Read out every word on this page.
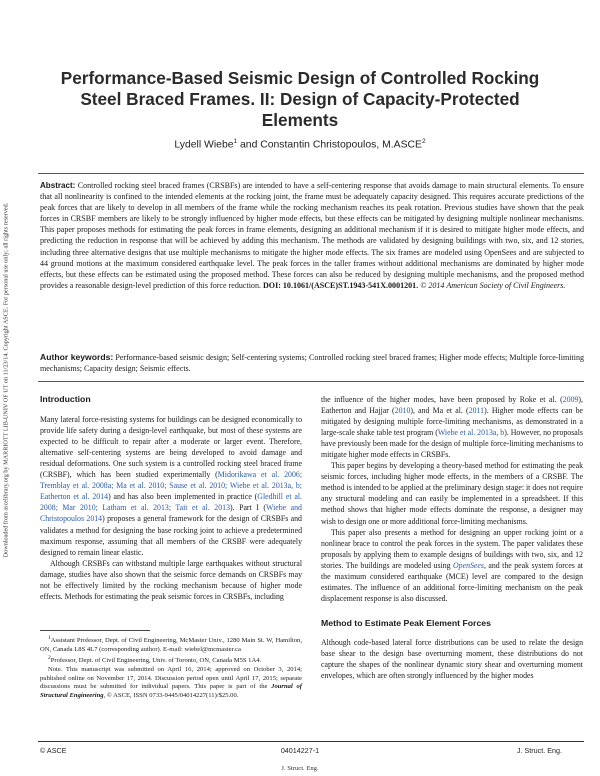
Downloaded from ascelibrary.org by MARRIOTT LIB-UNIV OF UT on 11/23/14. Copyright ASCE. For personal use only; all rights reserved.
Performance-Based Seismic Design of Controlled Rocking Steel Braced Frames. II: Design of Capacity-Protected Elements
Lydell Wiebe$^1$ and Constantin Christopoulos, M.ASCE$^2$
Abstract: Controlled rocking steel braced frames (CRSBFs) are intended to have a self-centering response that avoids damage to main structural elements. To ensure that all nonlinearity is confined to the intended elements at the rocking joint, the frame must be adequately capacity designed. This requires accurate predictions of the peak forces that are likely to develop in all members of the frame while the rocking mechanism reaches its peak rotation. Previous studies have shown that the peak forces in CRSBF members are likely to be strongly influenced by higher mode effects, but these effects can be mitigated by designing multiple nonlinear mechanisms. This paper proposes methods for estimating the peak forces in frame elements, designing an additional mechanism if it is desired to mitigate higher mode effects, and predicting the reduction in response that will be achieved by adding this mechanism. The methods are validated by designing buildings with two, six, and 12 stories, including three alternative designs that use multiple mechanisms to mitigate the higher mode effects. The six frames are modeled using OpenSees and are subjected to 44 ground motions at the maximum considered earthquake level. The peak forces in the taller frames without additional mechanisms are dominated by higher mode effects, but these effects can be estimated using the proposed method. These forces can also be reduced by designing multiple mechanisms, and the proposed method provides a reasonable design-level prediction of this force reduction. DOI: 10.1061/(ASCE)ST.1943-541X.0001201. © 2014 American Society of Civil Engineers.
Author keywords: Performance-based seismic design; Self-centering systems; Controlled rocking steel braced frames; Higher mode effects; Multiple force-limiting mechanisms; Capacity design; Seismic effects.
Introduction

Many lateral force-resisting systems for buildings can be designed economically to provide life safety during a design-level earthquake, but most of these systems are expected to be difficult to repair after a moderate or larger event. Therefore, alternative self-centering systems are being developed to avoid damage and residual deformations. One such system is a controlled rocking steel braced frame (CRSBF), which has been studied experimentally (Midorikawa et al. 2006; Tremblay et al. 2008a; Ma et al. 2010; Sause et al. 2010; Wiebe et al. 2013a, b; Eatherton et al. 2014) and has also been implemented in practice (Gledhill et al. 2008; Mar 2010; Latham et al. 2013; Tait et al. 2013). Part I (Wiebe and Christopoulos 2014) proposes a general framework for the design of CRSBFs and validates a method for designing the base rocking joint to achieve a predetermined maximum response, assuming that all members of the CRSBF were adequately designed to remain linear elastic.

Although CRSBFs can withstand multiple large earthquakes without structural damage, studies have also shown that the seismic force demands on CRSBFs may not be effectively limited by the rocking mechanism because of higher mode effects. Methods for estimating the peak seismic forces in CRSBFs, including

$^1$Assistant Professor, Dept. of Civil Engineering, McMaster Univ., 1280 Main St. W, Hamilton, ON, Canada L8S 4L7 (corresponding author). E-mail: wiebel@mcmaster.ca

$^2$Professor, Dept. of Civil Engineering, Univ. of Toronto, ON, Canada M5S 1A4.

Note. This manuscript was submitted on April 16, 2014; approved on October 3, 2014; published online on November 17, 2014. Discussion period open until April 17, 2015; separate discussions must be submitted for individual papers. This paper is part of the Journal of Structural Engineering, © ASCE, ISSN 0733-9445/04014227(11)/$25.00.

the influence of the higher modes, have been proposed by Roke et al. (2009), Eatherton and Hajjar (2010), and Ma et al. (2011). Higher mode effects can be mitigated by designing multiple force-limiting mechanisms, as demonstrated in a large-scale shake table test program (Wiebe et al. 2013a, b). However, no proposals have previously been made for the design of multiple force-limiting mechanisms to mitigate higher mode effects in CRSBFs.

This paper begins by developing a theory-based method for estimating the peak seismic forces, including higher mode effects, in the members of a CRSBF. The method is intended to be applied at the preliminary design stage: it does not require any structural modeling and can easily be implemented in a spreadsheet. If this method shows that higher mode effects dominate the response, a designer may wish to design one or more additional force-limiting mechanisms.

This paper also presents a method for designing an upper rocking joint or a nonlinear brace to control the peak forces in the system. The paper validates these proposals by applying them to example designs of buildings with two, six, and 12 stories. The buildings are modeled using OpenSees, and the peak system forces at the maximum considered earthquake (MCE) level are compared to the design estimates. The influence of an additional force-limiting mechanism on the peak displacement response is also discussed.

Method to Estimate Peak Element Forces

Although code-based lateral force distributions can be used to relate the design base shear to the design base overturning moment, these distributions do not capture the shapes of the nonlinear dynamic story shear and overturning moment envelopes, which are often strongly influenced by the higher modes

© ASCE	04014227-1	J. Struct. Eng.
J. Struct. Eng.
